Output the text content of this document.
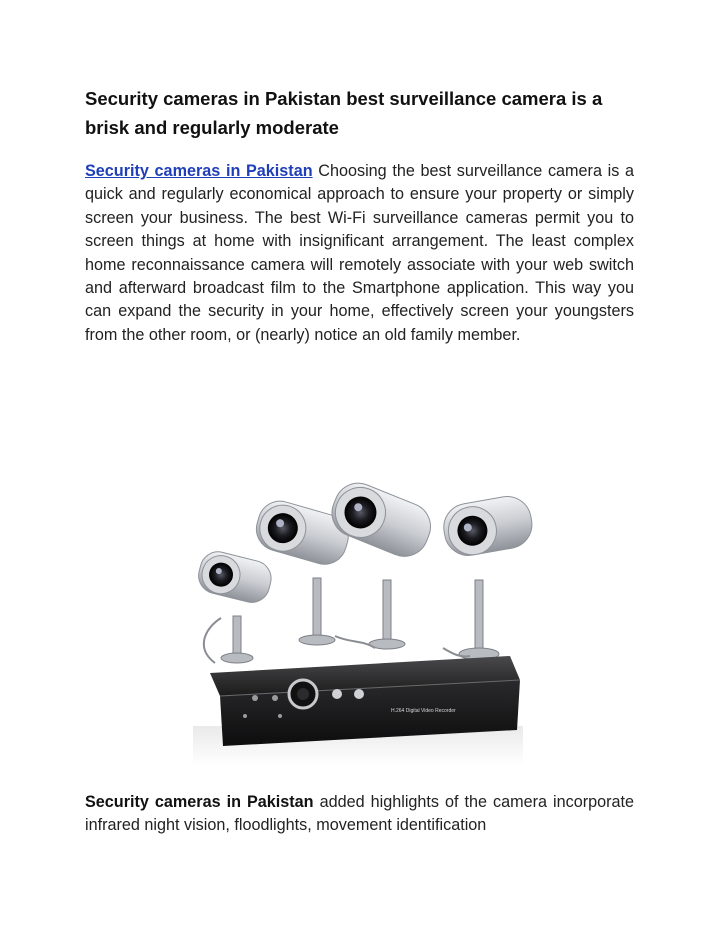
Security cameras in Pakistan best surveillance camera is a brisk and regularly moderate

Security cameras in Pakistan Choosing the best surveillance camera is a quick and regularly economical approach to ensure your property or simply screen your business. The best Wi-Fi surveillance cameras permit you to screen things at home with insignificant arrangement. The least complex home reconnaissance camera will remotely associate with your web switch and afterward broadcast film to the Smartphone application. This way you can expand the security in your home, effectively screen your youngsters from the other room, or (nearly) notice an old family member.

H.264 Digital Video Recorder

Security cameras in Pakistan added highlights of the camera incorporate infrared night vision, floodlights, movement identification
